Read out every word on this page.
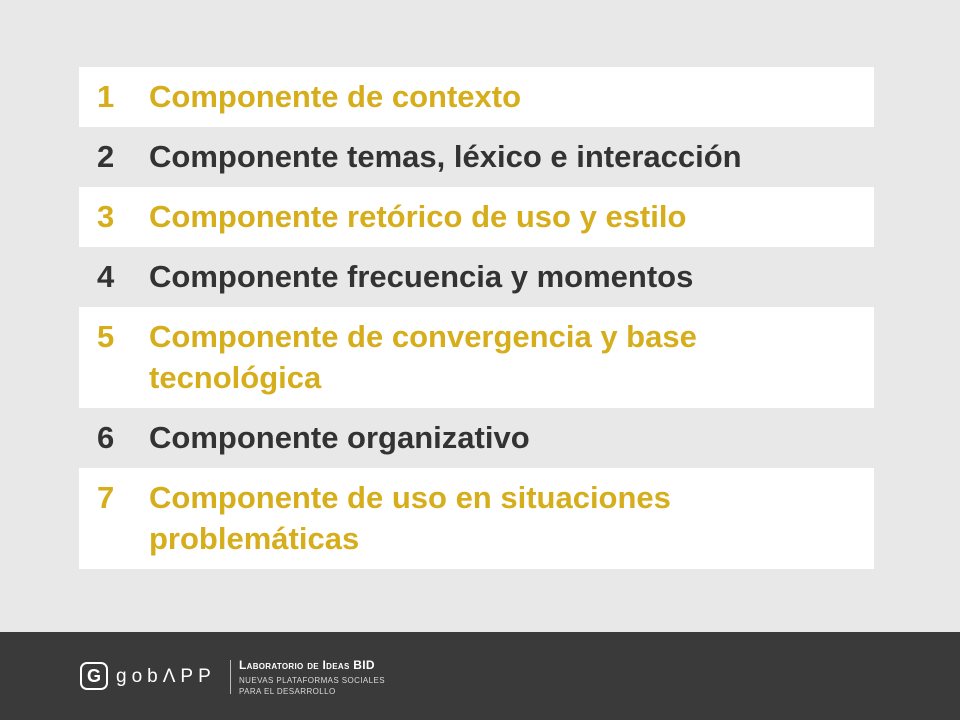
1	Componente de contexto
2	Componente temas, léxico e interacción
3	Componente retórico de uso y estilo
4	Componente frecuencia y momentos
5	Componente de convergencia y base tecnológica
6	Componente organizativo
7	Componente de uso en situaciones problemáticas
G gobΛPP
Laboratorio de Ideas BID
NUEVAS PLATAFORMAS SOCIALES
PARA EL DESARROLLO
